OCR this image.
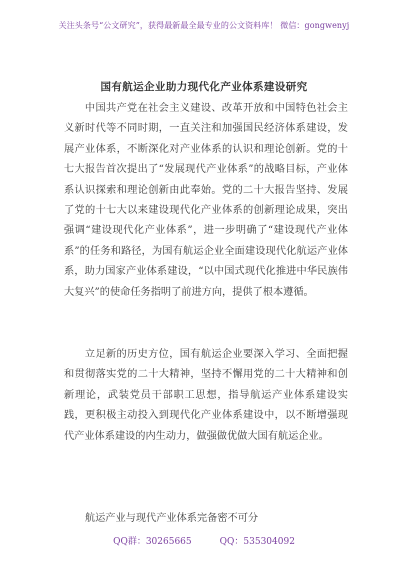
关注头条号“公文研究”，获得最新最全最专业的公文资料库！ 微信：gongwenyj
国有航运企业助力现代化产业体系建设研究

中国共产党在社会主义建设、改革开放和中国特色社会主义新时代等不同时期，一直关注和加强国民经济体系建设，发展产业体系，不断深化对产业体系的认识和理论创新。党的十七大报告首次提出了“发展现代产业体系”的战略目标，产业体系认识探索和理论创新由此奉始。党的二十大报告坚持、发展了党的十七大以来建设现代化产业体系的创新理论成果，突出强调“建设现代化产业体系”，进一步明确了“建设现代产业体系”的任务和路径，为国有航运企业全面建设现代化航运产业体系，助力国家产业体系建设，“以中国式现代化推进中华民族伟大复兴”的使命任务指明了前进方向，提供了根本遵循。

立足新的历史方位，国有航运企业要深入学习、全面把握和贯彻落实党的二十大精神，坚持不懈用党的二十大精神和创新理论，武装党员干部职工思想，指导航运产业体系建设实践，更积极主动投入到现代化产业体系建设中，以不断增强现代产业体系建设的内生动力，做强做优做大国有航运企业。

航运产业与现代产业体系完备密不可分

QQ群：30265665	QQ：535304092
